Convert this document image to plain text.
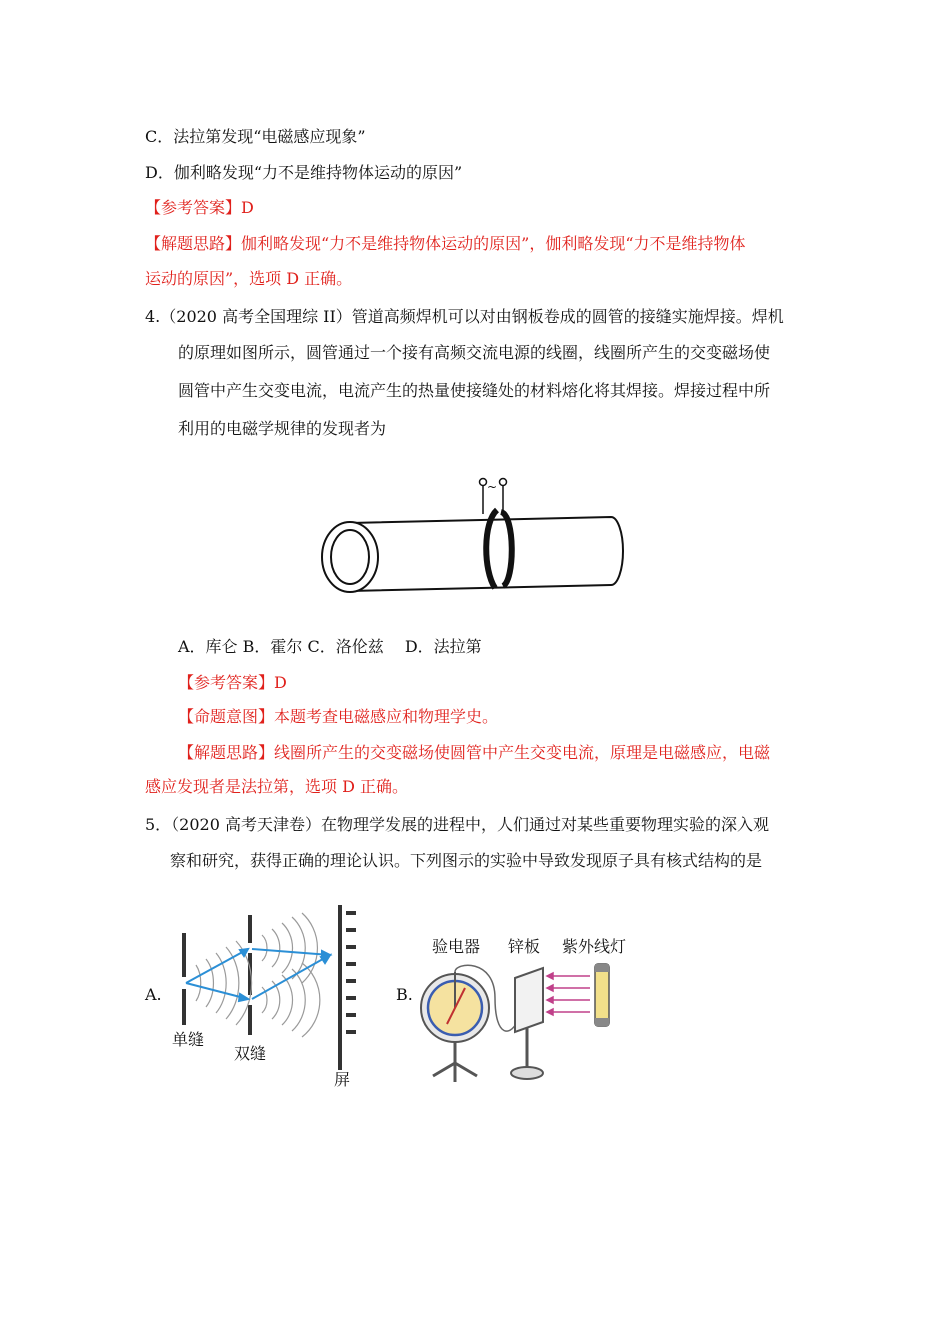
C．法拉第发现“电磁感应现象”
D．伽利略发现“力不是维持物体运动的原因”
【参考答案】D
【解题思路】伽利略发现“力不是维持物体运动的原因”，伽利略发现“力不是维持物体
运动的原因”，选项 D 正确。
4.（2020 高考全国理综 II）管道高频焊机可以对由钢板卷成的圆管的接缝实施焊接。焊机
的原理如图所示，圆管通过一个接有高频交流电源的线圈，线圈所产生的交变磁场使
圆管中产生交变电流，电流产生的热量使接缝处的材料熔化将其焊接。焊接过程中所
利用的电磁学规律的发现者为
~
A．库仑 B．霍尔 C．洛伦兹　 D．法拉第
【参考答案】D
【命题意图】本题考查电磁感应和物理学史。
【解题思路】线圈所产生的交变磁场使圆管中产生交变电流，原理是电磁感应，电磁
感应发现者是法拉第，选项 D 正确。
5．（2020 高考天津卷）在物理学发展的进程中，人们通过对某些重要物理实验的深入观
察和研究，获得正确的理论认识。下列图示的实验中导致发现原子具有核式结构的是
A.
单缝
双缝
屏
B.
验电器 锌板 紫外线灯
